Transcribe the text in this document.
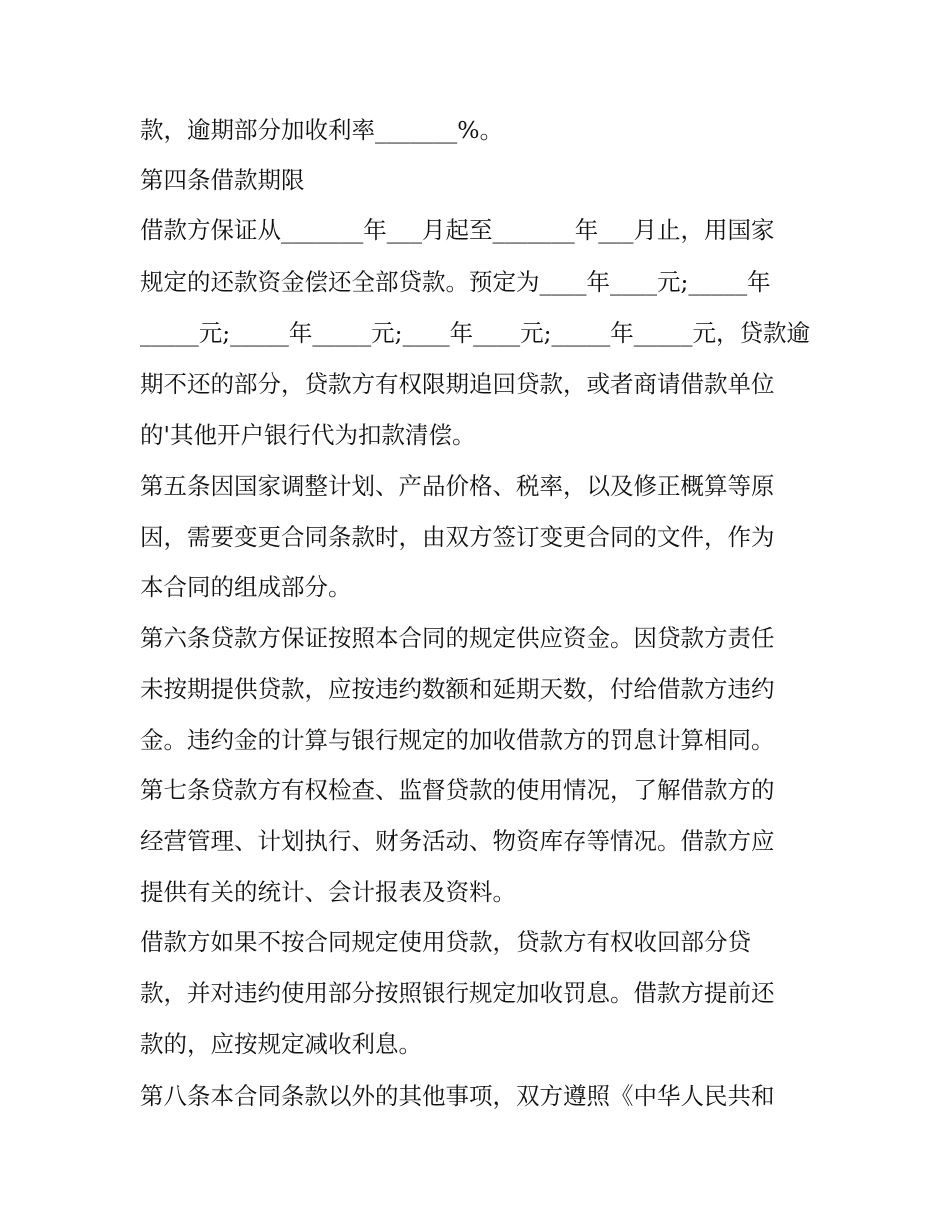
款，逾期部分加收利率_______%。
第四条借款期限
借款方保证从_______年___月起至_______年___月止，用国家
规定的还款资金偿还全部贷款。预定为____年____元;_____年
_____元;_____年_____元;____年____元;_____年_____元，贷款逾
期不还的部分，贷款方有权限期追回贷款，或者商请借款单位
的'其他开户银行代为扣款清偿。
第五条因国家调整计划、产品价格、税率，以及修正概算等原
因，需要变更合同条款时，由双方签订变更合同的文件，作为
本合同的组成部分。
第六条贷款方保证按照本合同的规定供应资金。因贷款方责任
未按期提供贷款，应按违约数额和延期天数，付给借款方违约
金。违约金的计算与银行规定的加收借款方的罚息计算相同。
第七条贷款方有权检查、监督贷款的使用情况，了解借款方的
经营管理、计划执行、财务活动、物资库存等情况。借款方应
提供有关的统计、会计报表及资料。
借款方如果不按合同规定使用贷款，贷款方有权收回部分贷
款，并对违约使用部分按照银行规定加收罚息。借款方提前还
款的，应按规定减收利息。
第八条本合同条款以外的其他事项，双方遵照《中华人民共和
